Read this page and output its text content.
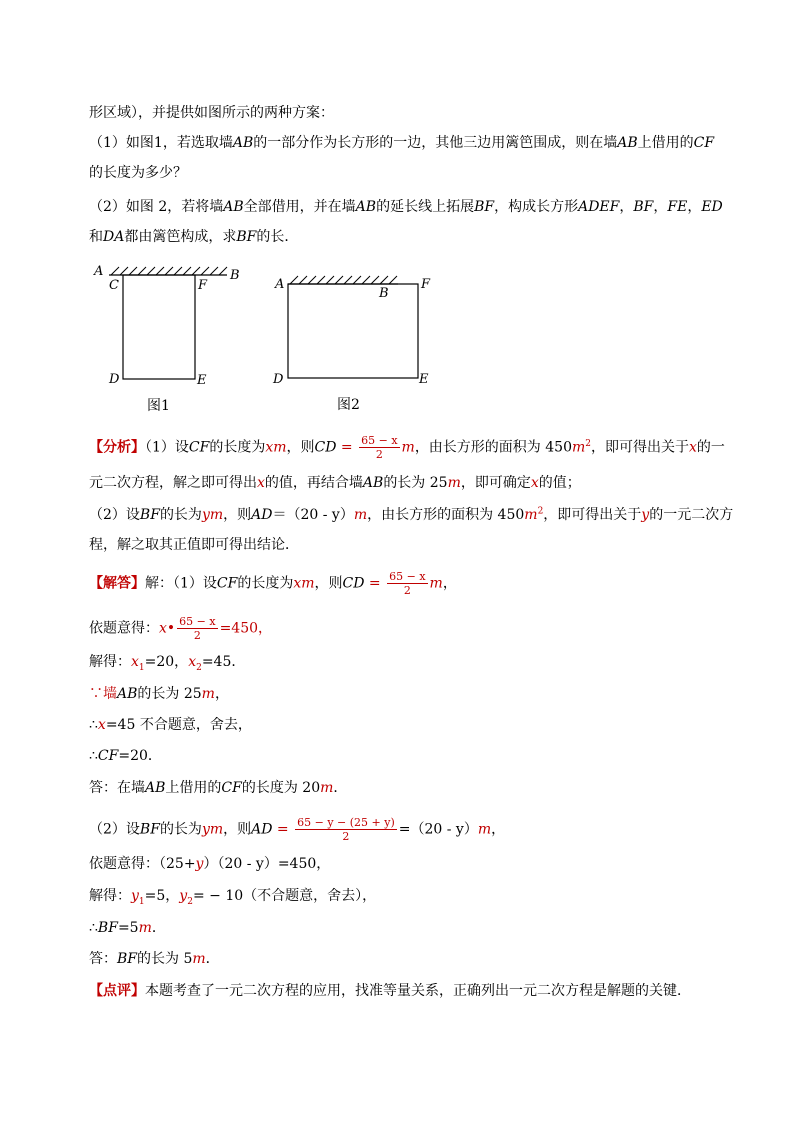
形区域），并提供如图所示的两种方案：
（1）如图1，若选取墙AB的一部分作为长方形的一边，其他三边用篱笆围成，则在墙AB上借用的CF
的长度为多少？
（2）如图 2，若将墙AB全部借用，并在墙AB的延长线上拓展BF，构成长方形ADEF，BF，FE，ED
和DA都由篱笆构成，求BF的长．
A	B
C	F
D	E
图1
A
B
F
D	E
图2
【分析】（1）设CF的长度为xm，则CD = $\frac{65 - x}{2}$ m，由长方形的面积为 $450m^2$，即可得出关于x的一
元二次方程，解之即可得出x的值，再结合墙AB的长为 25m，即可确定x的值；
（2）设BF的长为ym，则AD＝（20 - y）m，由长方形的面积为 $450m^2$，即可得出关于y的一元二次方
程，解之取其正值即可得出结论．
【解答】解：（1）设CF的长度为xm，则CD = $\frac{65 - x}{2}$ m，
依题意得：x• $\frac{65 - x}{2} =450$，
解得：$x_1=20$，$x_2=45$．
∵墙AB的长为 25m，
∴x=45 不合题意，舍去，
∴CF=20．
答：在墙AB上借用的CF的长度为 20m．
（2）设BF的长为ym，则AD = $\frac{65 - y - (25 + y)}{2} =(20 - y)m$，
依题意得：（25+y）（20 - y）=450，
解得：$y_1=5$，$y_2= - 10$（不合题意，舍去），
∴BF=5m．
答：BF的长为 5m．
【点评】本题考查了一元二次方程的应用，找准等量关系，正确列出一元二次方程是解题的关键．
